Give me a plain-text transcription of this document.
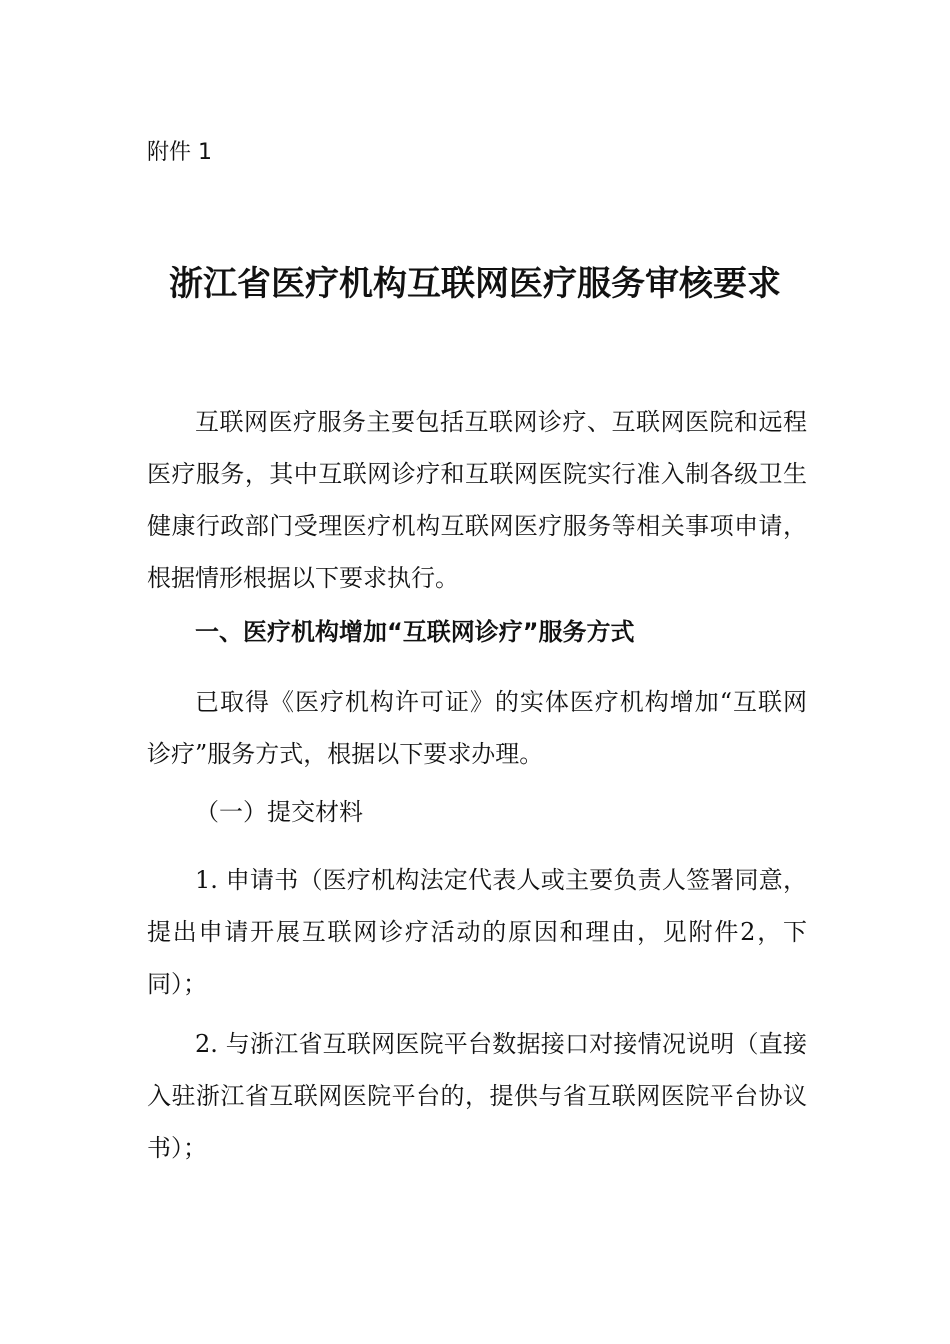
附件 1

浙江省医疗机构互联网医疗服务审核要求

互联网医疗服务主要包括互联网诊疗、互联网医院和远程医疗服务，其中互联网诊疗和互联网医院实行准入制各级卫生健康行政部门受理医疗机构互联网医疗服务等相关事项申请，根据情形根据以下要求执行。

一、医疗机构增加“互联网诊疗”服务方式

已取得《医疗机构许可证》的实体医疗机构增加“互联网诊疗”服务方式，根据以下要求办理。

（一）提交材料

1. 申请书（医疗机构法定代表人或主要负责人签署同意，提出申请开展互联网诊疗活动的原因和理由，见附件2，下同）；

2. 与浙江省互联网医院平台数据接口对接情况说明（直接入驻浙江省互联网医院平台的，提供与省互联网医院平台协议书）；
